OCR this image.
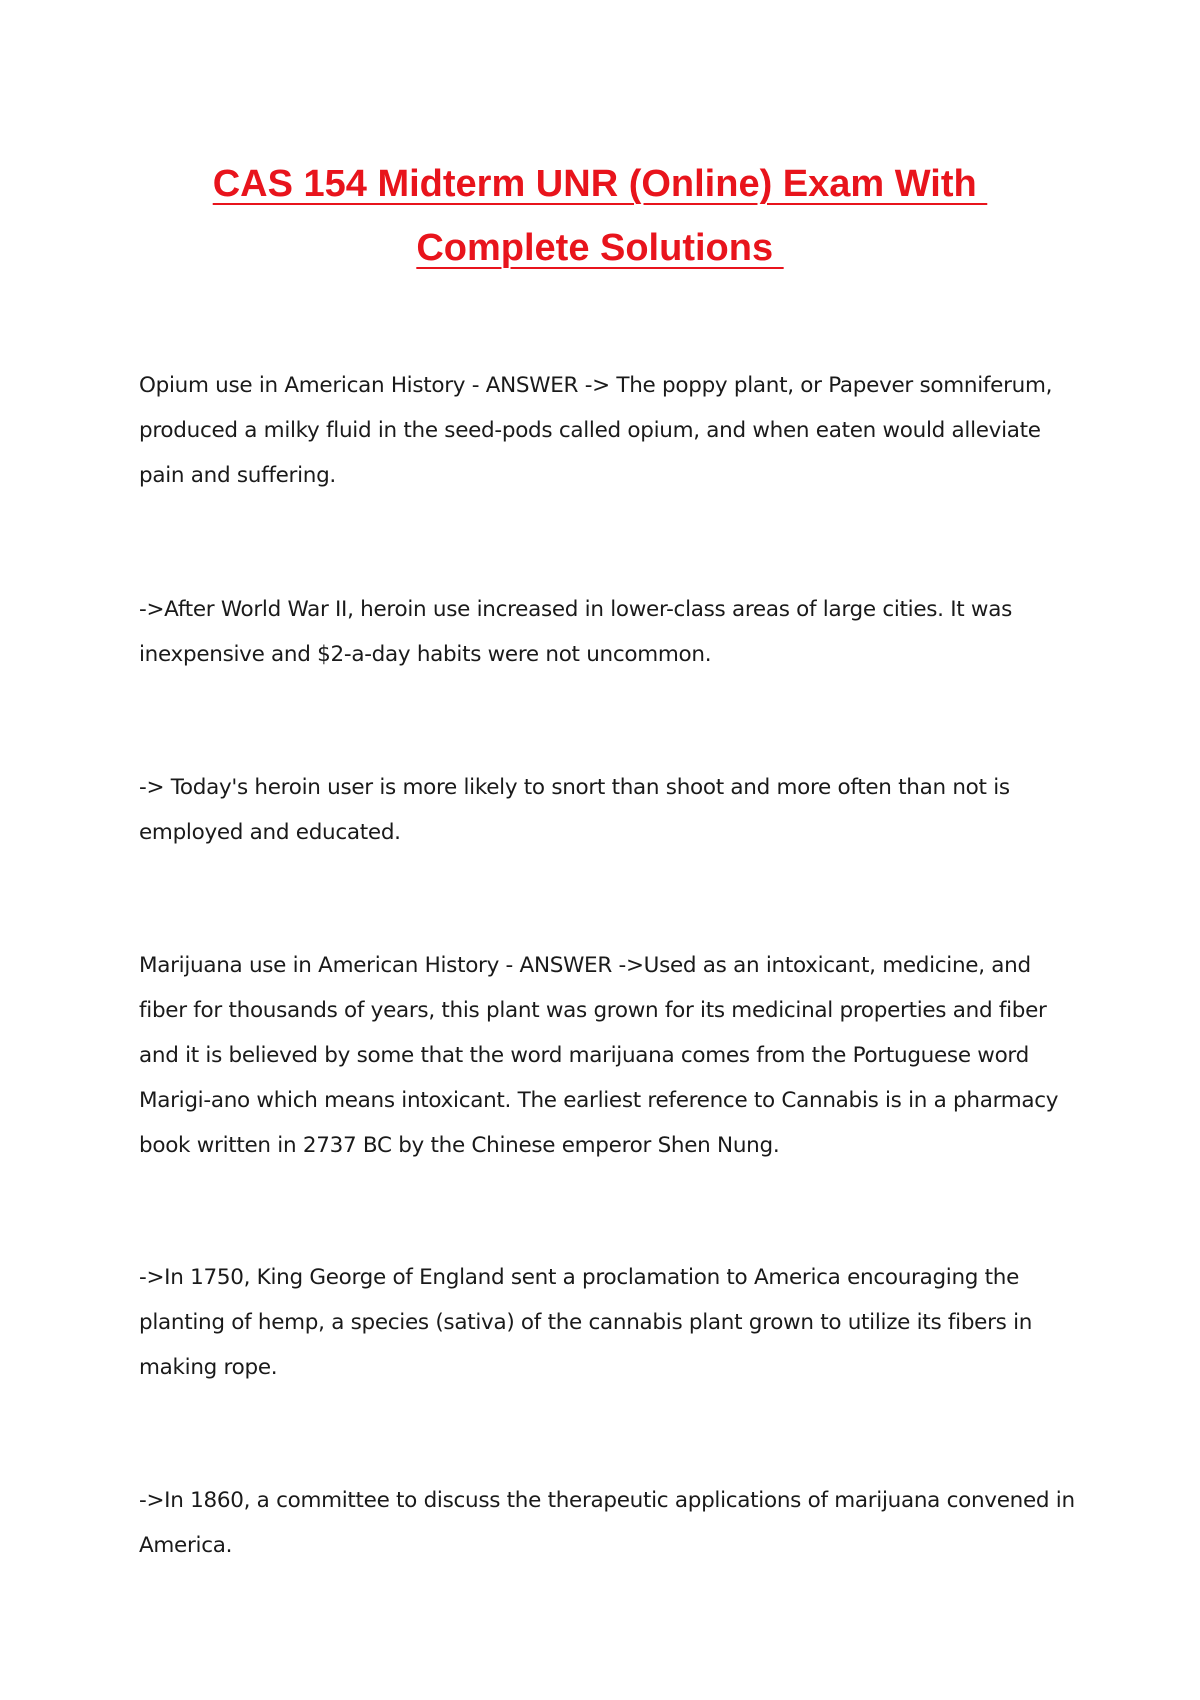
CAS 154 Midterm UNR (Online) Exam With
Complete Solutions

Opium use in American History - ANSWER -> The poppy plant, or Papever somniferum, produced a milky fluid in the seed-pods called opium, and when eaten would alleviate pain and suffering.

->After World War II, heroin use increased in lower-class areas of large cities. It was inexpensive and $2-a-day habits were not uncommon.

-> Today's heroin user is more likely to snort than shoot and more often than not is employed and educated.

Marijuana use in American History - ANSWER ->Used as an intoxicant, medicine, and fiber for thousands of years, this plant was grown for its medicinal properties and fiber and it is believed by some that the word marijuana comes from the Portuguese word Marigi-ano which means intoxicant. The earliest reference to Cannabis is in a pharmacy book written in 2737 BC by the Chinese emperor Shen Nung.

->In 1750, King George of England sent a proclamation to America encouraging the planting of hemp, a species (sativa) of the cannabis plant grown to utilize its fibers in making rope.

->In 1860, a committee to discuss the therapeutic applications of marijuana convened in America.
